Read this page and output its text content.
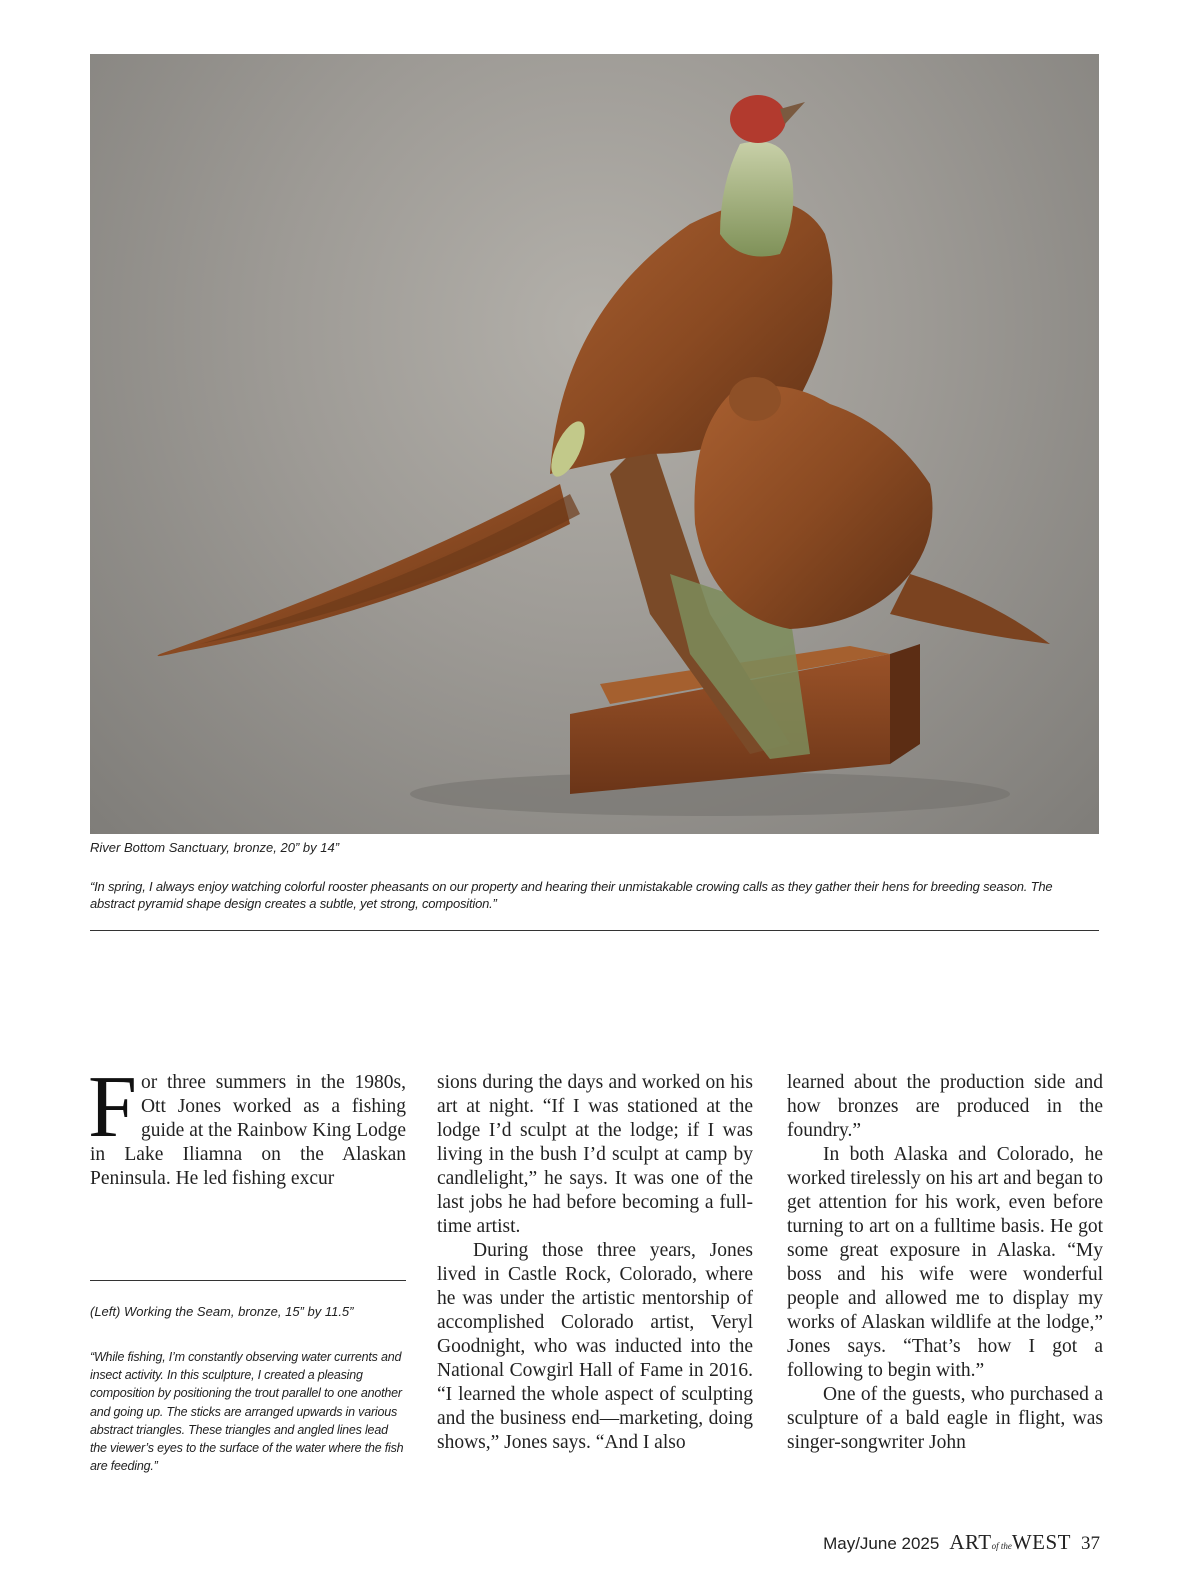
River Bottom Sanctuary, bronze, 20” by 14”
“In spring, I always enjoy watching colorful rooster pheasants on our property and hearing their unmistakable crowing calls as they gather their hens for breeding season. The abstract pyramid shape design creates a subtle, yet strong, composition.”

For three summers in the 1980s, Ott Jones worked as a fishing guide at the Rainbow King Lodge in Lake Iliamna on the Alaskan Peninsula. He led fishing excur

(Left) Working the Seam, bronze, 15” by 11.5”
“While fishing, I’m constantly observing water currents and insect activity. In this sculpture, I created a pleasing composition by positioning the trout parallel to one another and going up. The sticks are arranged upwards in various abstract triangles. These triangles and angled lines lead the viewer’s eyes to the surface of the water where the fish are feeding.”

sions during the days and worked on his art at night. “If I was stationed at the lodge I’d sculpt at the lodge; if I was living in the bush I’d sculpt at camp by candlelight,” he says. It was one of the last jobs he had before becoming a full-time artist.

During those three years, Jones lived in Castle Rock, Colorado, where he was under the artistic mentorship of accomplished Colorado artist, Veryl Goodnight, who was inducted into the National Cowgirl Hall of Fame in 2016. “I learned the whole aspect of sculpting and the business end—marketing, doing shows,” Jones says. “And I also

learned about the production side and how bronzes are produced in the foundry.”

In both Alaska and Colorado, he worked tirelessly on his art and began to get attention for his work, even before turning to art on a fulltime basis. He got some great exposure in Alaska. “My boss and his wife were wonderful people and allowed me to display my works of Alaskan wildlife at the lodge,” Jones says. “That’s how I got a following to begin with.”

One of the guests, who purchased a sculpture of a bald eagle in flight, was singer-songwriter John

May/June 2025 ARTof theWEST 37
